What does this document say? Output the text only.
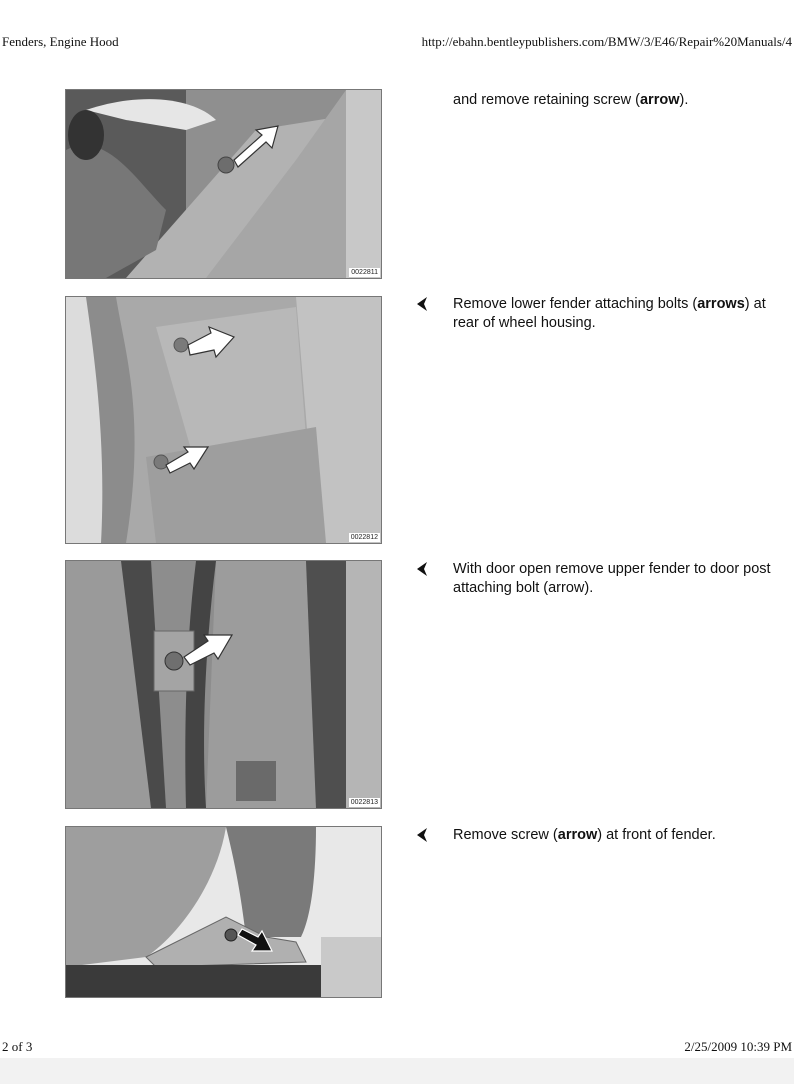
Fenders, Engine Hood	http://ebahn.bentleypublishers.com/BMW/3/E46/Repair%20Manuals/4
0022811
0022812
0022813
and remove retaining screw (arrow).
Remove lower fender attaching bolts (arrows) at rear of wheel housing.
With door open remove upper fender to door post attaching bolt (arrow).
Remove screw (arrow) at front of fender.
2 of 3	2/25/2009 10:39 PM
